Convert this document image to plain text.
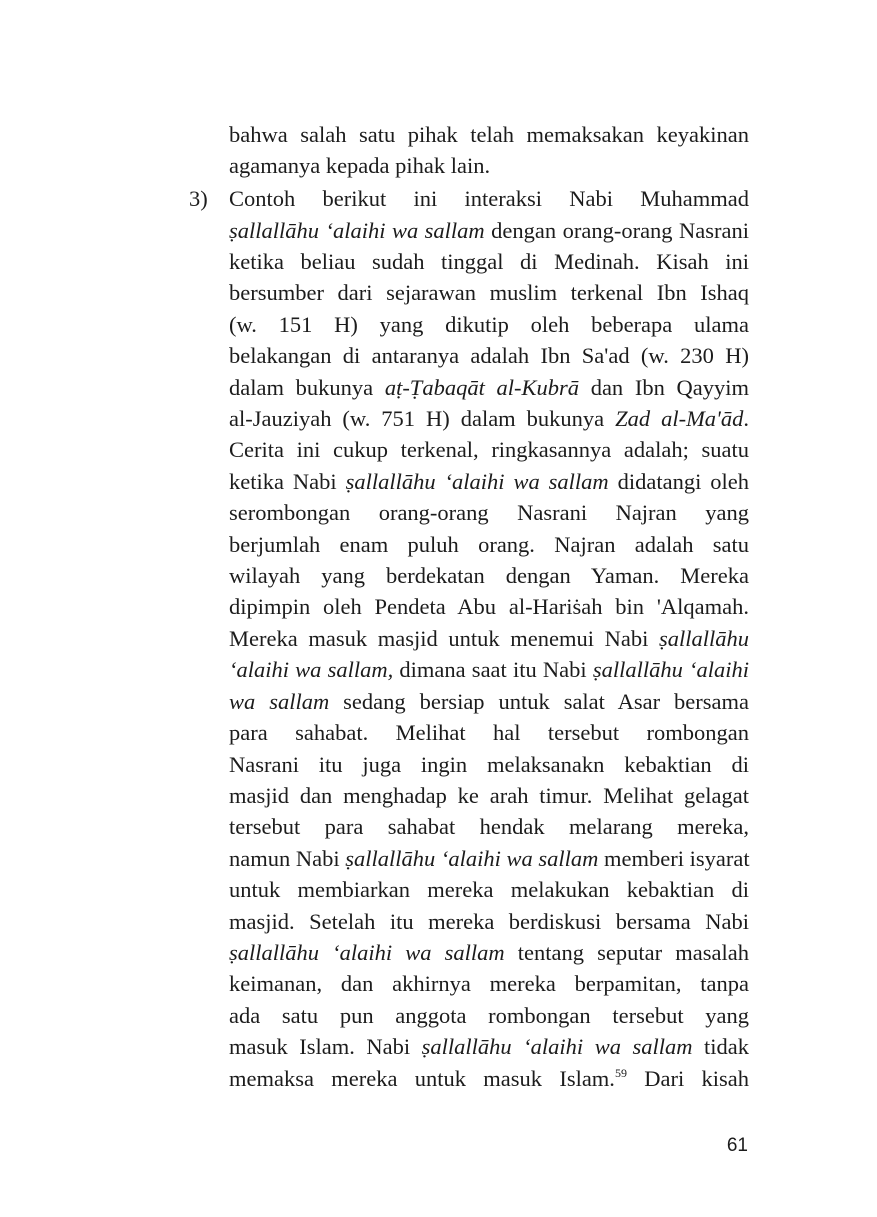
bahwa salah satu pihak telah memaksakan keyakinan
agamanya kepada pihak lain.
3) Contoh berikut ini interaksi Nabi Muhammad
ṣallallāhu ‘alaihi wa sallam dengan orang-orang Nasrani
ketika beliau sudah tinggal di Medinah. Kisah ini
bersumber dari sejarawan muslim terkenal Ibn Ishaq
(w. 151 H) yang dikutip oleh beberapa ulama
belakangan di antaranya adalah Ibn Sa'ad (w. 230 H)
dalam bukunya aṭ-Ṭabaqāt al-Kubrā dan Ibn Qayyim
al-Jauziyah (w. 751 H) dalam bukunya Zad al-Ma'ād.
Cerita ini cukup terkenal, ringkasannya adalah; suatu
ketika Nabi ṣallallāhu ‘alaihi wa sallam didatangi oleh
serombongan orang-orang Nasrani Najran yang
berjumlah enam puluh orang. Najran adalah satu
wilayah yang berdekatan dengan Yaman. Mereka
dipimpin oleh Pendeta Abu al-Hariṡah bin 'Alqamah.
Mereka masuk masjid untuk menemui Nabi ṣallallāhu
‘alaihi wa sallam, dimana saat itu Nabi ṣallallāhu ‘alaihi
wa sallam sedang bersiap untuk salat Asar bersama
para sahabat. Melihat hal tersebut rombongan
Nasrani itu juga ingin melaksanakn kebaktian di
masjid dan menghadap ke arah timur. Melihat gelagat
tersebut para sahabat hendak melarang mereka,
namun Nabi ṣallallāhu ‘alaihi wa sallam memberi isyarat
untuk membiarkan mereka melakukan kebaktian di
masjid. Setelah itu mereka berdiskusi bersama Nabi
ṣallallāhu ‘alaihi wa sallam tentang seputar masalah
keimanan, dan akhirnya mereka berpamitan, tanpa
ada satu pun anggota rombongan tersebut yang
masuk Islam. Nabi ṣallallāhu ‘alaihi wa sallam tidak
memaksa mereka untuk masuk Islam.$^{59}$ Dari kisah
61
